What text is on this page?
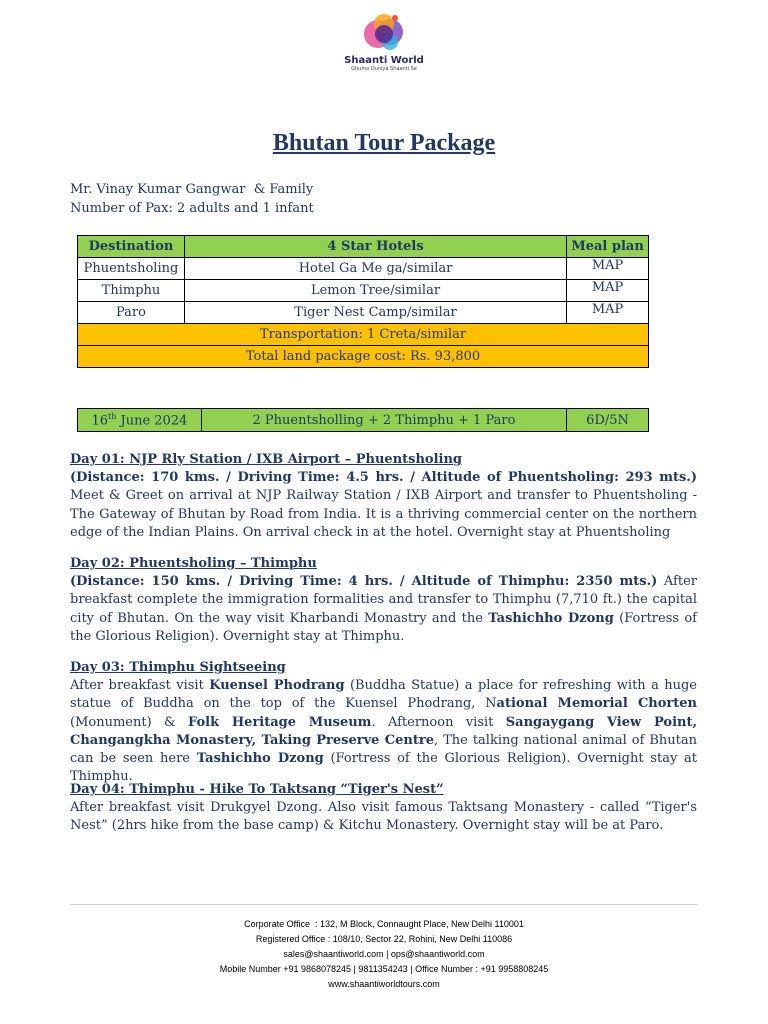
Shaanti World
Ghumo Duniya Shaanti Se
Bhutan Tour Package
Mr. Vinay Kumar Gangwar  & Family
Number of Pax: 2 adults and 1 infant
Destination	4 Star Hotels	Meal plan
Phuentsholing	Hotel Ga Me ga/similar	MAP
Thimphu	Lemon Tree/similar	MAP
Paro	Tiger Nest Camp/similar	MAP
Transportation: 1 Creta/similar		
Total land package cost: Rs. 93,800		
16th June 2024	2 Phuentsholling + 2 Thimphu + 1 Paro	6D/5N
Day 01: NJP Rly Station / IXB Airport – Phuentsholing
(Distance: 170 kms. / Driving Time: 4.5 hrs. / Altitude of Phuentsholing: 293 mts.) Meet & Greet on arrival at NJP Railway Station / IXB Airport and transfer to Phuentsholing - The Gateway of Bhutan by Road from India. It is a thriving commercial center on the northern edge of the Indian Plains. On arrival check in at the hotel. Overnight stay at Phuentsholing
Day 02: Phuentsholing – Thimphu
(Distance: 150 kms. / Driving Time: 4 hrs. / Altitude of Thimphu: 2350 mts.) After breakfast complete the immigration formalities and transfer to Thimphu (7,710 ft.) the capital city of Bhutan. On the way visit Kharbandi Monastry and the Tashichho Dzong (Fortress of the Glorious Religion). Overnight stay at Thimphu.
Day 03: Thimphu Sightseeing
After breakfast visit Kuensel Phodrang (Buddha Statue) a place for refreshing with a huge statue of Buddha on the top of the Kuensel Phodrang, National Memorial Chorten (Monument) & Folk Heritage Museum. Afternoon visit Sangaygang View Point, Changangkha Monastery, Taking Preserve Centre, The talking national animal of Bhutan can be seen here Tashichho Dzong (Fortress of the Glorious Religion). Overnight stay at Thimphu.
Day 04: Thimphu - Hike To Taktsang “Tiger's Nest”
After breakfast visit Drukgyel Dzong. Also visit famous Taktsang Monastery - called “Tiger's Nest” (2hrs hike from the base camp) & Kitchu Monastery. Overnight stay will be at Paro.
Corporate Office  : 132, M Block, Connaught Place, New Delhi 110001
Registered Office : 108/10, Sector 22, Rohini, New Delhi 110086
sales@shaantiworld.com | ops@shaantiworld.com
Mobile Number +91 9868078245 | 9811354243 | Office Number : +91 9958808245
www.shaantiworldtours.com
